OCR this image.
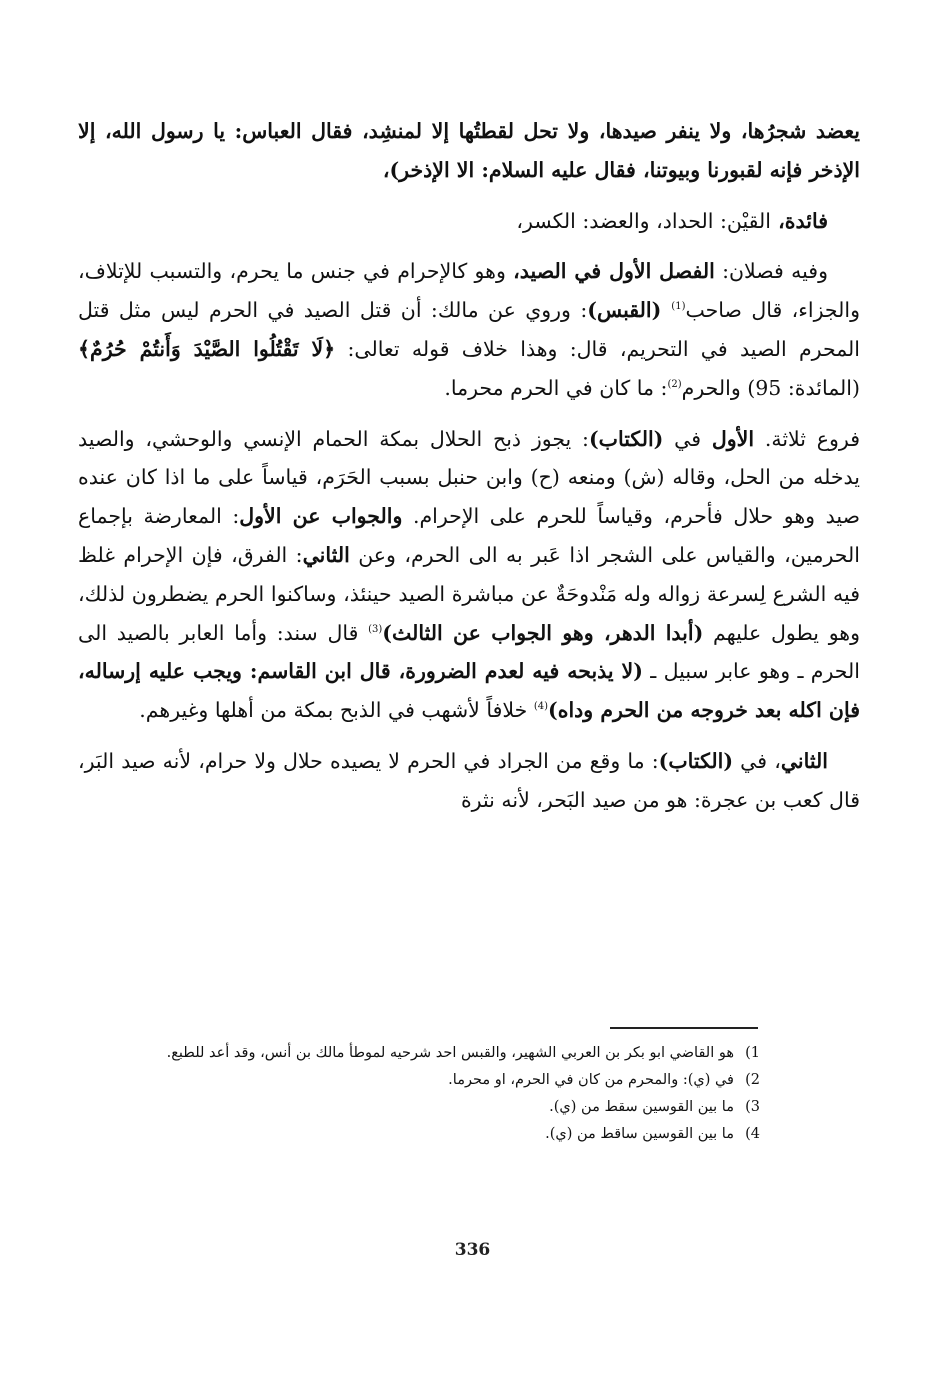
يعضد شجرُها، ولا ينفر صيدها، ولا تحل لقطتُها إلا لمنشِد، فقال العباس: يا رسول الله، إلا الإذخر فإنه لقبورنا وبيوتنا، فقال عليه السلام: الا الإذخر)،

فائدة، القيْن: الحداد، والعضد: الكسر،

وفيه فصلان: الفصل الأول في الصيد، وهو كالإحرام في جنس ما يحرم، والتسبب للإتلاف، والجزاء، قال صاحب$^{(1)}$ (القبس): وروي عن مالك: أن قتل الصيد في الحرم ليس مثل قتل المحرم الصيد في التحريم، قال: وهذا خلاف قوله تعالى: ﴿لَا تَقْتُلُوا الصَّيْدَ وَأَنتُمْ حُرُمٌ﴾ (المائدة: 95) والحرم$^{(2)}$: ما كان في الحرم محرما.

فروع ثلاثة. الأول في (الكتاب): يجوز ذبح الحلال بمكة الحمام الإنسي والوحشي، والصيد يدخله من الحل، وقاله (ش) ومنعه (ح) وابن حنبل بسبب الحَرَم، قياساً على ما اذا كان عنده صيد وهو حلال فأحرم، وقياساً للحرم على الإحرام. والجواب عن الأول: المعارضة بإجماع الحرمين، والقياس على الشجر اذا عَبر به الى الحرم، وعن الثاني: الفرق، فإن الإحرام غلظ فيه الشرع لِسرعة زواله وله مَنْدوحَةٌ عن مباشرة الصيد حينئذ، وساكنوا الحرم يضطرون لذلك، وهو يطول عليهم (أبدا الدهر، وهو الجواب عن الثالث)$^{(3)}$ قال سند: وأما العابر بالصيد الى الحرم ـ وهو عابر سبيل ـ (لا يذبحه فيه لعدم الضرورة، قال ابن القاسم: ويجب عليه إرساله، فإن اكله بعد خروجه من الحرم وداه)$^{(4)}$ خلافاً لأشهب في الذبح بمكة من أهلها وغيرهم.

الثاني، في (الكتاب): ما وقع من الجراد في الحرم لا يصيده حلال ولا حرام، لأنه صيد البَر، قال كعب بن عجرة: هو من صيد البَحر، لأنه نثرة

1)
هو القاضي ابو بكر بن العربي الشهير، والقبس احد شرحيه لموطأ مالك بن أنس، وقد أعد للطبع.
2)
في (ي): والمحرم من كان في الحرم، او محرما.
3)
ما بين القوسين سقط من (ي).
4)
ما بين القوسين ساقط من (ي).
336
